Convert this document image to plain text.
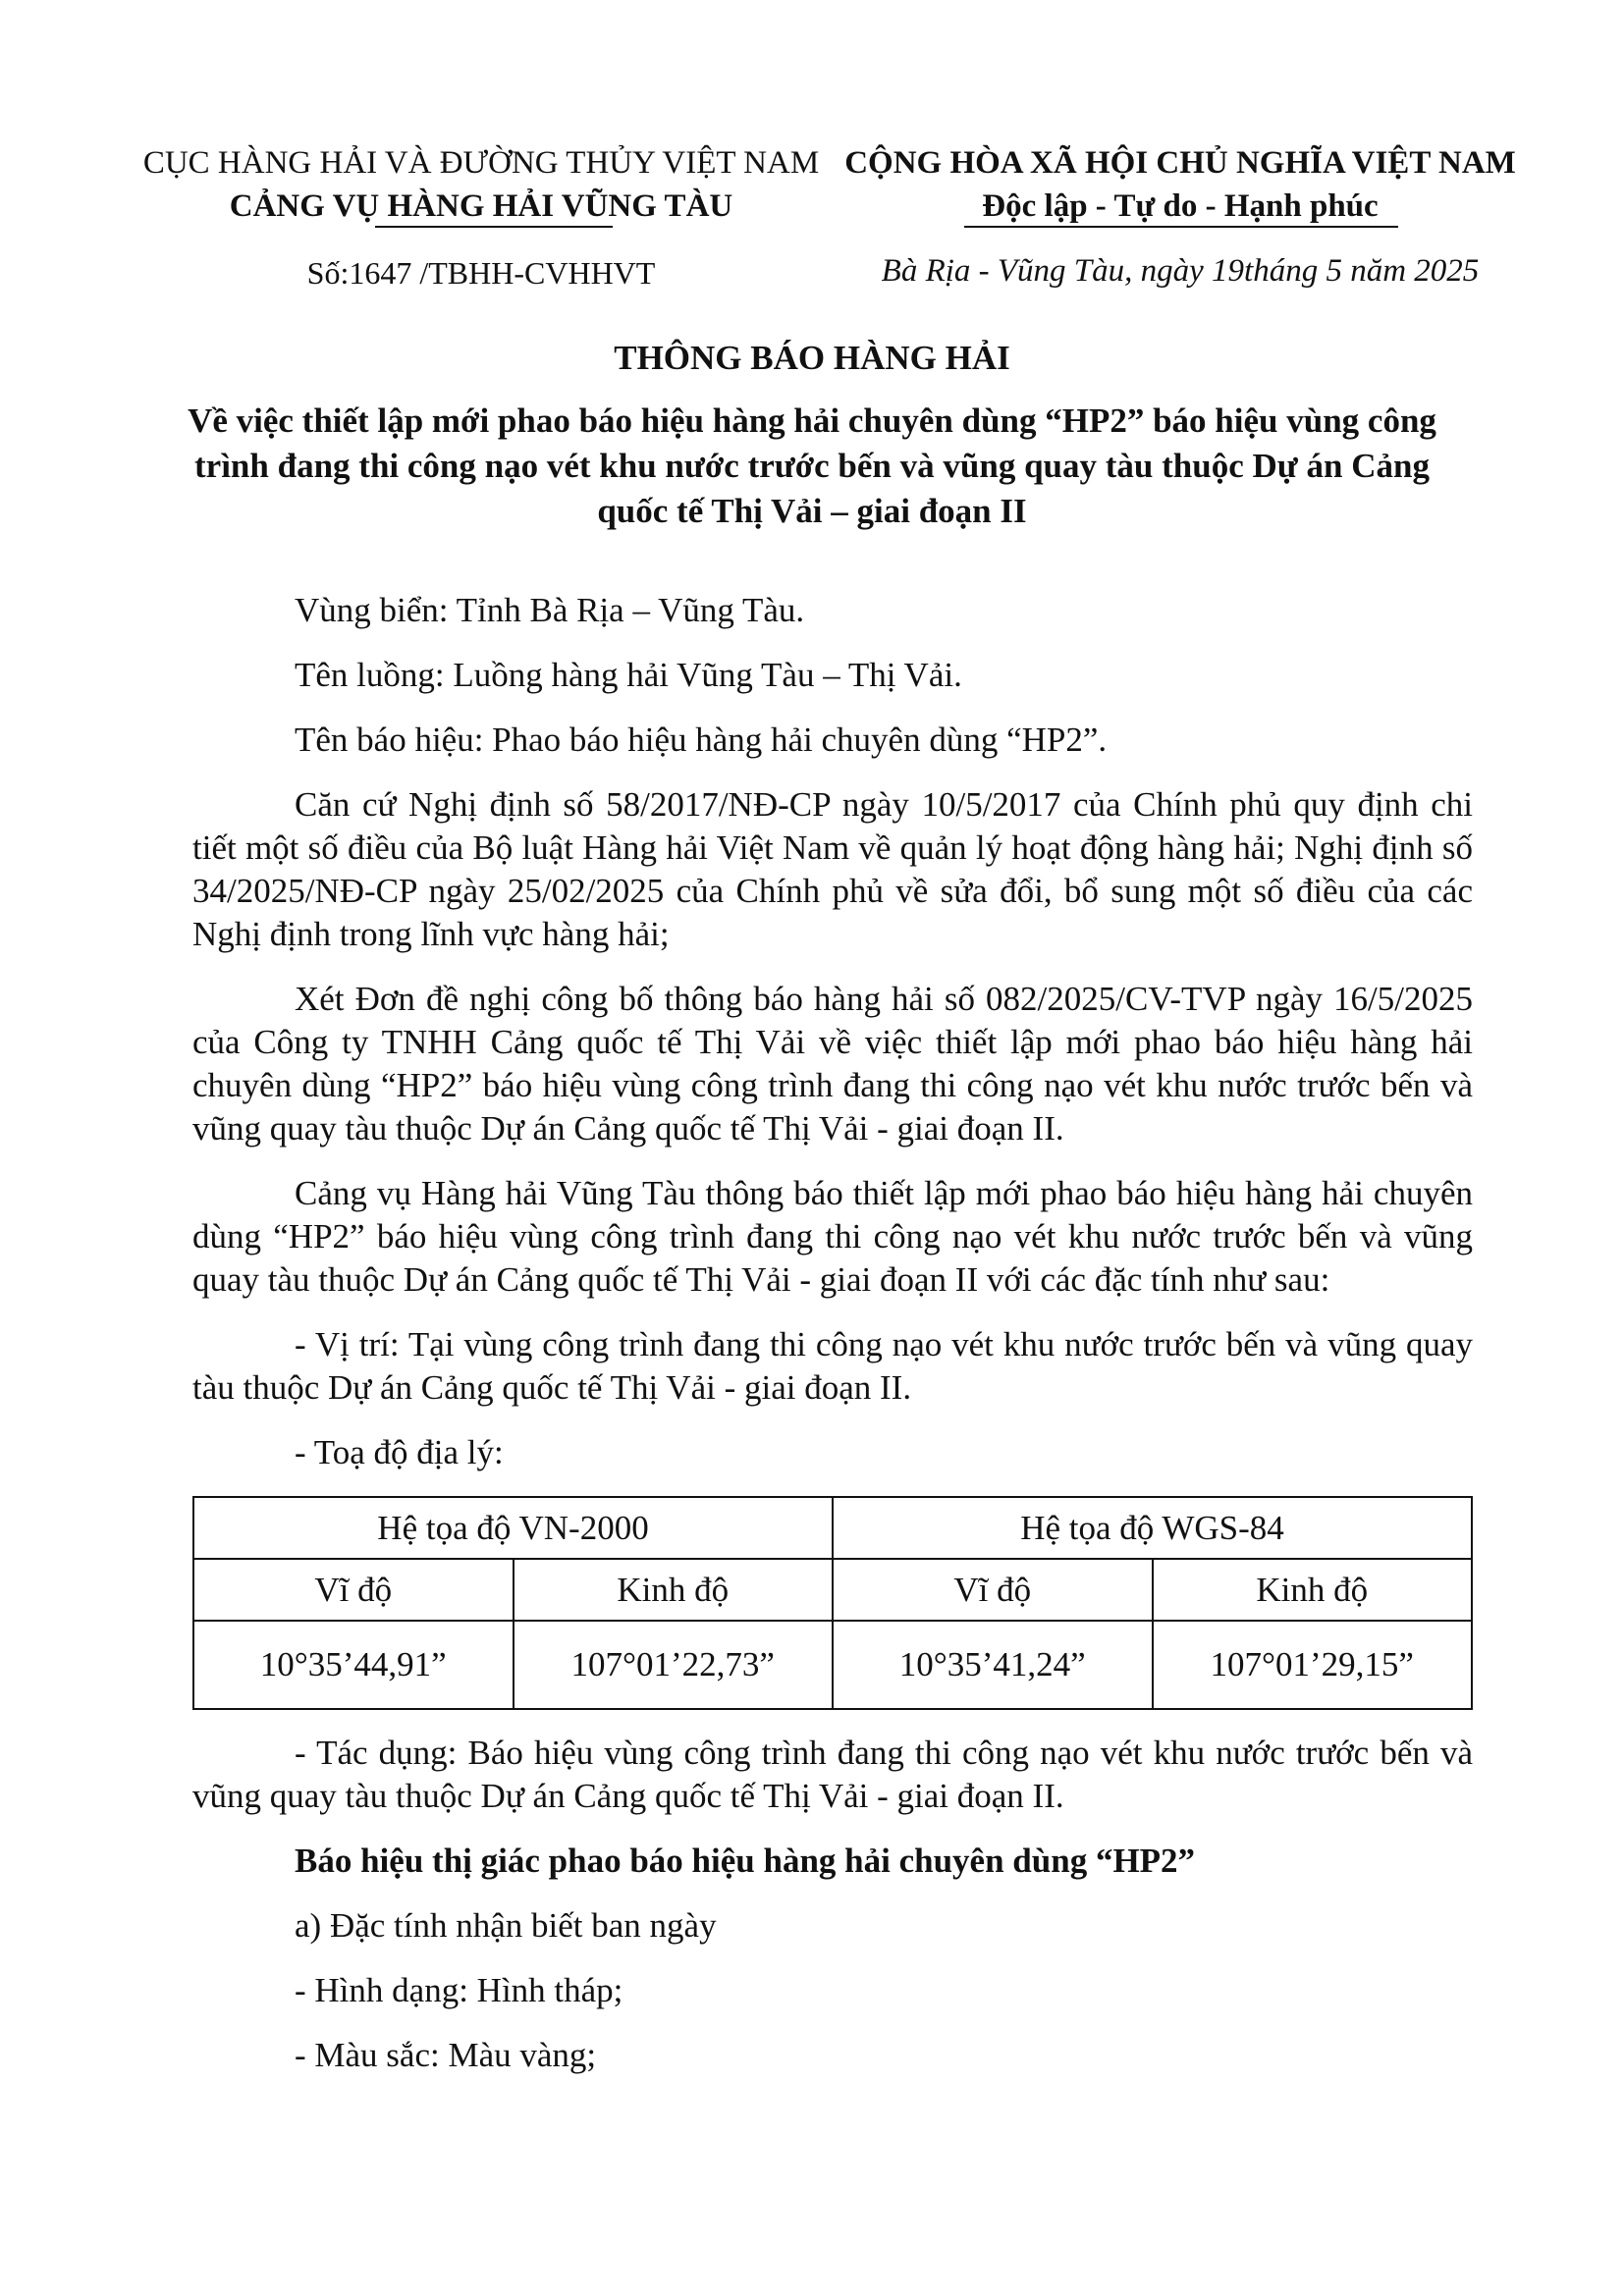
CỤC HÀNG HẢI VÀ ĐƯỜNG THỦY VIỆT NAM
CẢNG VỤ HÀNG HẢI VŨNG TÀU
CỘNG HÒA XÃ HỘI CHỦ NGHĨA VIỆT NAM
Độc lập - Tự do - Hạnh phúc
Số:1647 /TBHH-CVHHVT	Bà Rịa - Vũng Tàu, ngày 19tháng 5 năm 2025
THÔNG BÁO HÀNG HẢI
Về việc thiết lập mới phao báo hiệu hàng hải chuyên dùng “HP2” báo hiệu vùng công trình đang thi công nạo vét khu nước trước bến và vũng quay tàu thuộc Dự án Cảng quốc tế Thị Vải – giai đoạn II

Vùng biển: Tỉnh Bà Rịa – Vũng Tàu.

Tên luồng: Luồng hàng hải Vũng Tàu – Thị Vải.

Tên báo hiệu: Phao báo hiệu hàng hải chuyên dùng “HP2”.

Căn cứ Nghị định số 58/2017/NĐ-CP ngày 10/5/2017 của Chính phủ quy định chi tiết một số điều của Bộ luật Hàng hải Việt Nam về quản lý hoạt động hàng hải; Nghị định số 34/2025/NĐ-CP ngày 25/02/2025 của Chính phủ về sửa đổi, bổ sung một số điều của các Nghị định trong lĩnh vực hàng hải;

Xét Đơn đề nghị công bố thông báo hàng hải số 082/2025/CV-TVP ngày 16/5/2025 của Công ty TNHH Cảng quốc tế Thị Vải về việc thiết lập mới phao báo hiệu hàng hải chuyên dùng “HP2” báo hiệu vùng công trình đang thi công nạo vét khu nước trước bến và vũng quay tàu thuộc Dự án Cảng quốc tế Thị Vải - giai đoạn II.

Cảng vụ Hàng hải Vũng Tàu thông báo thiết lập mới phao báo hiệu hàng hải chuyên dùng “HP2” báo hiệu vùng công trình đang thi công nạo vét khu nước trước bến và vũng quay tàu thuộc Dự án Cảng quốc tế Thị Vải - giai đoạn II với các đặc tính như sau:

- Vị trí: Tại vùng công trình đang thi công nạo vét khu nước trước bến và vũng quay tàu thuộc Dự án Cảng quốc tế Thị Vải - giai đoạn II.

- Toạ độ địa lý:

Hệ tọa độ VN-2000		Hệ tọa độ WGS-84	
Vĩ độ	Kinh độ	Vĩ độ	Kinh độ
10°35’44,91”	107°01’22,73”	10°35’41,24”	107°01’29,15”

- Tác dụng: Báo hiệu vùng công trình đang thi công nạo vét khu nước trước bến và vũng quay tàu thuộc Dự án Cảng quốc tế Thị Vải - giai đoạn II.

Báo hiệu thị giác phao báo hiệu hàng hải chuyên dùng “HP2”

a) Đặc tính nhận biết ban ngày

- Hình dạng: Hình tháp;

- Màu sắc: Màu vàng;
